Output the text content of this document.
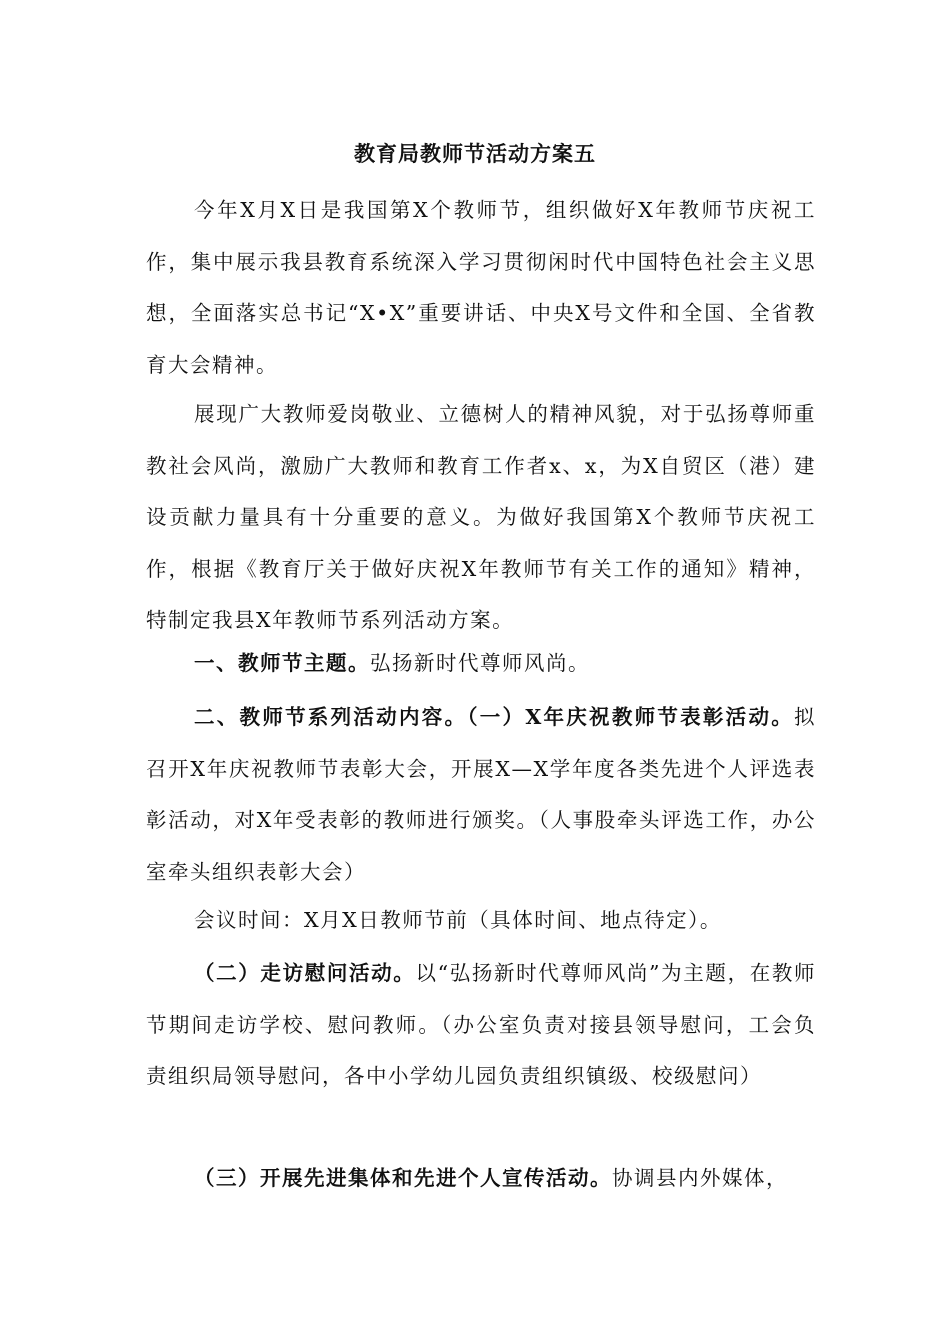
教育局教师节活动方案五
今年X月X日是我国第X个教师节，组织做好X年教师节庆祝工作，集中展示我县教育系统深入学习贯彻闲时代中国特色社会主义思想，全面落实总书记“X•X”重要讲话、中央X号文件和全国、全省教育大会精神。
展现广大教师爱岗敬业、立德树人的精神风貌，对于弘扬尊师重教社会风尚，激励广大教师和教育工作者x、x，为X自贸区（港）建设贡献力量具有十分重要的意义。为做好我国第X个教师节庆祝工作，根据《教育厅关于做好庆祝X年教师节有关工作的通知》精神，特制定我县X年教师节系列活动方案。
一、教师节主题。弘扬新时代尊师风尚。
二、教师节系列活动内容。（一）X年庆祝教师节表彰活动。拟召开X年庆祝教师节表彰大会，开展X—X学年度各类先进个人评选表彰活动，对X年受表彰的教师进行颁奖。（人事股牵头评选工作，办公室牵头组织表彰大会）
会议时间：X月X日教师节前（具体时间、地点待定）。
（二）走访慰问活动。以“弘扬新时代尊师风尚”为主题，在教师节期间走访学校、慰问教师。（办公室负责对接县领导慰问，工会负责组织局领导慰问，各中小学幼儿园负责组织镇级、校级慰问）
（三）开展先进集体和先进个人宣传活动。协调县内外媒体，
